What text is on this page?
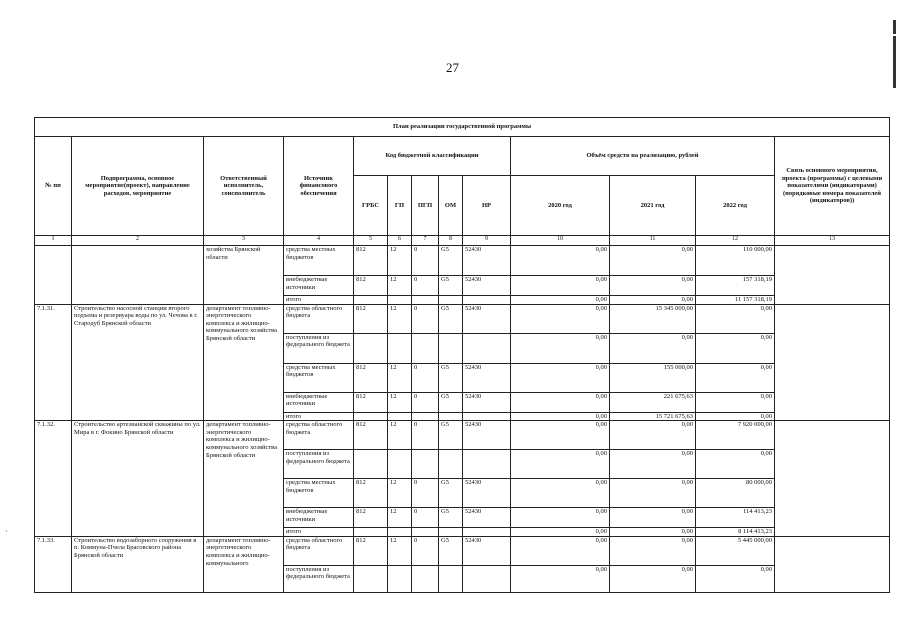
27
·
План реализации государственной программы												
№ пп	Подпрограмма, основное мероприятие(проект), направление расходов, мероприятие	Ответственный исполнитель, соисполнитель	Источник финансового обеспечения	Код бюджетной классификации					Объём средств на реализацию, рублей			Связь основного мероприятия, проекта (программы) с целевыми показателями (индикаторами) (порядковые номера показателей (индикаторов))
				ГРБС	ГП	ПГП	ОМ	НР	2020 год	2021 год	2022 год	
1	2	3	4	5	6	7	8	9	10	11	12	13
		хозяйства Брянской области	средства местных бюджетов	812	12	0	G5	52430	0,00	0,00	110 000,00	
			внебюджетные источники	812	12	0	G5	52430	0,00	0,00	157 318,19	
			итого						0,00	0,00	11 157 318,19	
7.1.31.	Строительство насосной станции второго подъема и резервуара воды по ул. Чечова в г. Стародуб Брянской области	департамент топливно-энергетического комплекса и жилищно-коммунального хозяйства Брянской области	средства областного бюджета	812	12	0	G5	52430	0,00	15 345 000,00	0,00	
			поступления из федерального бюджета						0,00	0,00	0,00	
			средства местных бюджетов	812	12	0	G5	52430	0,00	155 000,00	0,00	
			внебюджетные источники	812	12	0	G5	52430	0,00	221 675,63	0,00	
			итого						0,00	15 721 675,63	0,00	
7.1.32.	Строительство артезианской скважины по ул. Мира в г. Фокино Брянской области	департамент топливно-энергетического комплекса и жилищно-коммунального хозяйства Брянской области	средства областного бюджета	812	12	0	G5	52430	0,00	0,00	7 920 000,00	
			поступления из федерального бюджета						0,00	0,00	0,00	
			средства местных бюджетов	812	12	0	G5	52430	0,00	0,00	80 000,00	
			внебюджетные источники	812	12	0	G5	52430	0,00	0,00	114 413,23	
			итого						0,00	0,00	8 114 413,23	
7.1.33.	Строительство водозаборного сооружения в п. Коммуна-Пчела Брасовского района Брянской области	департамент топливно-энергетического комплекса и жилищно-коммунального	средства областного бюджета	812	12	0	G5	52430	0,00	0,00	5 445 000,00	
			поступления из федерального бюджета						0,00	0,00	0,00	
